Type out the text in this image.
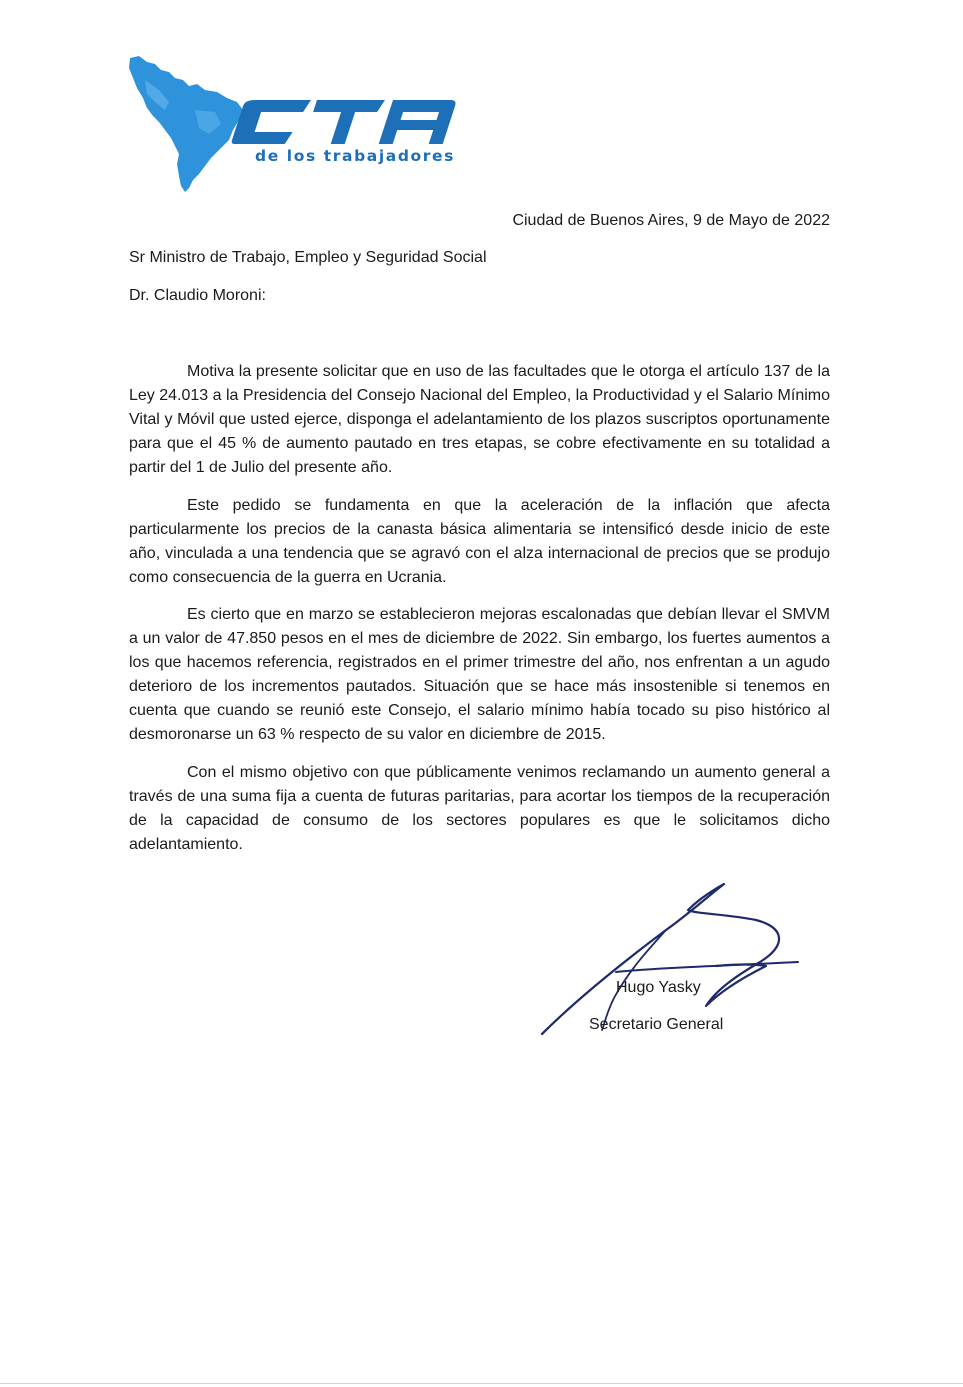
de los trabajadores
Ciudad de Buenos Aires, 9 de Mayo de 2022
Sr Ministro de Trabajo, Empleo y Seguridad Social
Dr. Claudio Moroni:

Motiva la presente solicitar que en uso de las facultades que le otorga el artículo 137 de la Ley 24.013 a la Presidencia del Consejo Nacional del Empleo, la Productividad y el Salario Mínimo Vital y Móvil que usted ejerce, disponga el adelantamiento de los plazos suscriptos oportunamente para que el 45 % de aumento pautado en tres etapas, se cobre efectivamente en su totalidad a partir del 1 de Julio del presente año.

Este pedido se fundamenta en que la aceleración de la inflación que afecta particularmente los precios de la canasta básica alimentaria se intensificó desde inicio de este año, vinculada a una tendencia que se agravó con el alza internacional de precios que se produjo como consecuencia de la guerra en Ucrania.

Es cierto que en marzo se establecieron mejoras escalonadas que debían llevar el SMVM a un valor de 47.850 pesos en el mes de diciembre de 2022. Sin embargo, los fuertes aumentos a los que hacemos referencia, registrados en el primer trimestre del año, nos enfrentan a un agudo deterioro de los incrementos pautados. Situación que se hace más insostenible si tenemos en cuenta que cuando se reunió este Consejo, el salario mínimo había tocado su piso histórico al desmoronarse un 63 % respecto de su valor en diciembre de 2015.

Con el mismo objetivo con que públicamente venimos reclamando un aumento general a través de una suma fija a cuenta de futuras paritarias, para acortar los tiempos de la recuperación de la capacidad de consumo de los sectores populares es que le solicitamos dicho adelantamiento.

Hugo Yasky
Secretario General
